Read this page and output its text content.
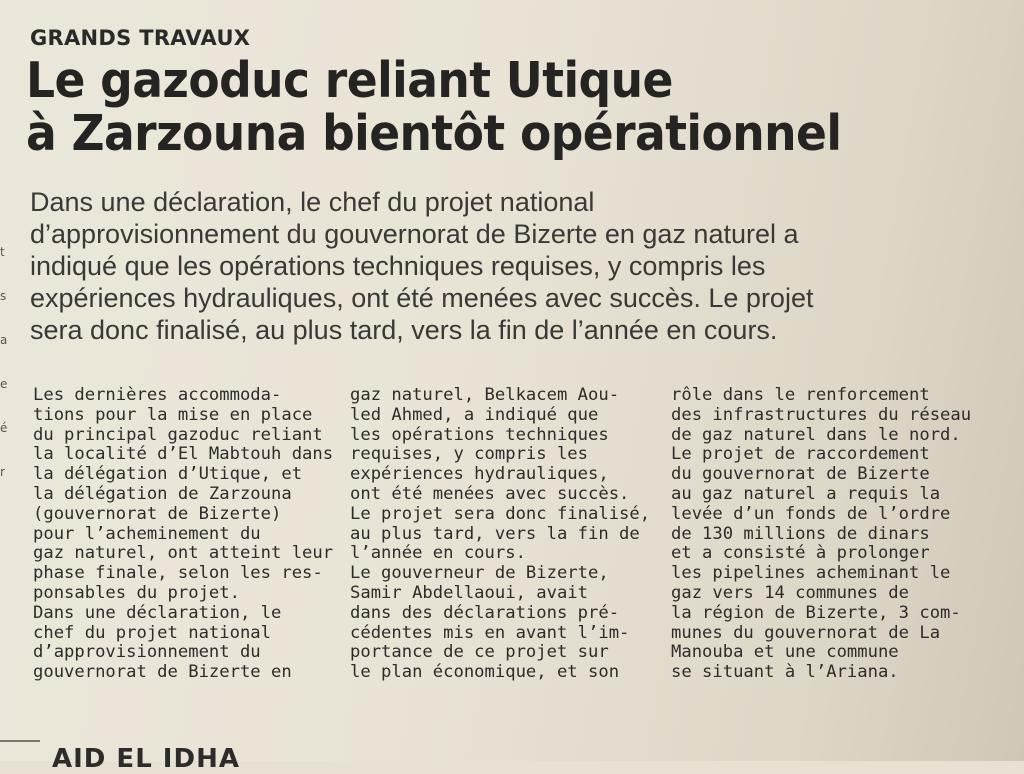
t
s
a
e
é
r
GRANDS TRAVAUX
Le gazoduc reliant Utique
à Zarzouna bientôt opérationnel

Dans une déclaration, le chef du projet national
d’approvisionnement du gouvernorat de Bizerte en gaz naturel a
indiqué que les opérations techniques requises, y compris les
expériences hydrauliques, ont été menées avec succès. Le projet
sera donc finalisé, au plus tard, vers la fin de l’année en cours.

Les dernières accommoda-
tions pour la mise en place
du principal gazoduc reliant
la localité d’El Mabtouh dans
la délégation d’Utique, et
la délégation de Zarzouna
(gouvernorat de Bizerte)
pour l’acheminement du
gaz naturel, ont atteint leur
phase finale, selon les res-
ponsables du projet.
Dans une déclaration, le
chef du projet national
d’approvisionnement du
gouvernorat de Bizerte en
gaz naturel, Belkacem Aou-
led Ahmed, a indiqué que
les opérations techniques
requises, y compris les
expériences hydrauliques,
ont été menées avec succès.
Le projet sera donc finalisé,
au plus tard, vers la fin de
l’année en cours.
Le gouverneur de Bizerte,
Samir Abdellaoui, avait
dans des déclarations pré-
cédentes mis en avant l’im-
portance de ce projet sur
le plan économique, et son
rôle dans le renforcement
des infrastructures du réseau
de gaz naturel dans le nord.
Le projet de raccordement
du gouvernorat de Bizerte
au gaz naturel a requis la
levée d’un fonds de l’ordre
de 130 millions de dinars
et a consisté à prolonger
les pipelines acheminant le
gaz vers 14 communes de
la région de Bizerte, 3 com-
munes du gouvernorat de La
Manouba et une commune
se situant à l’Ariana.
AID EL IDHA
